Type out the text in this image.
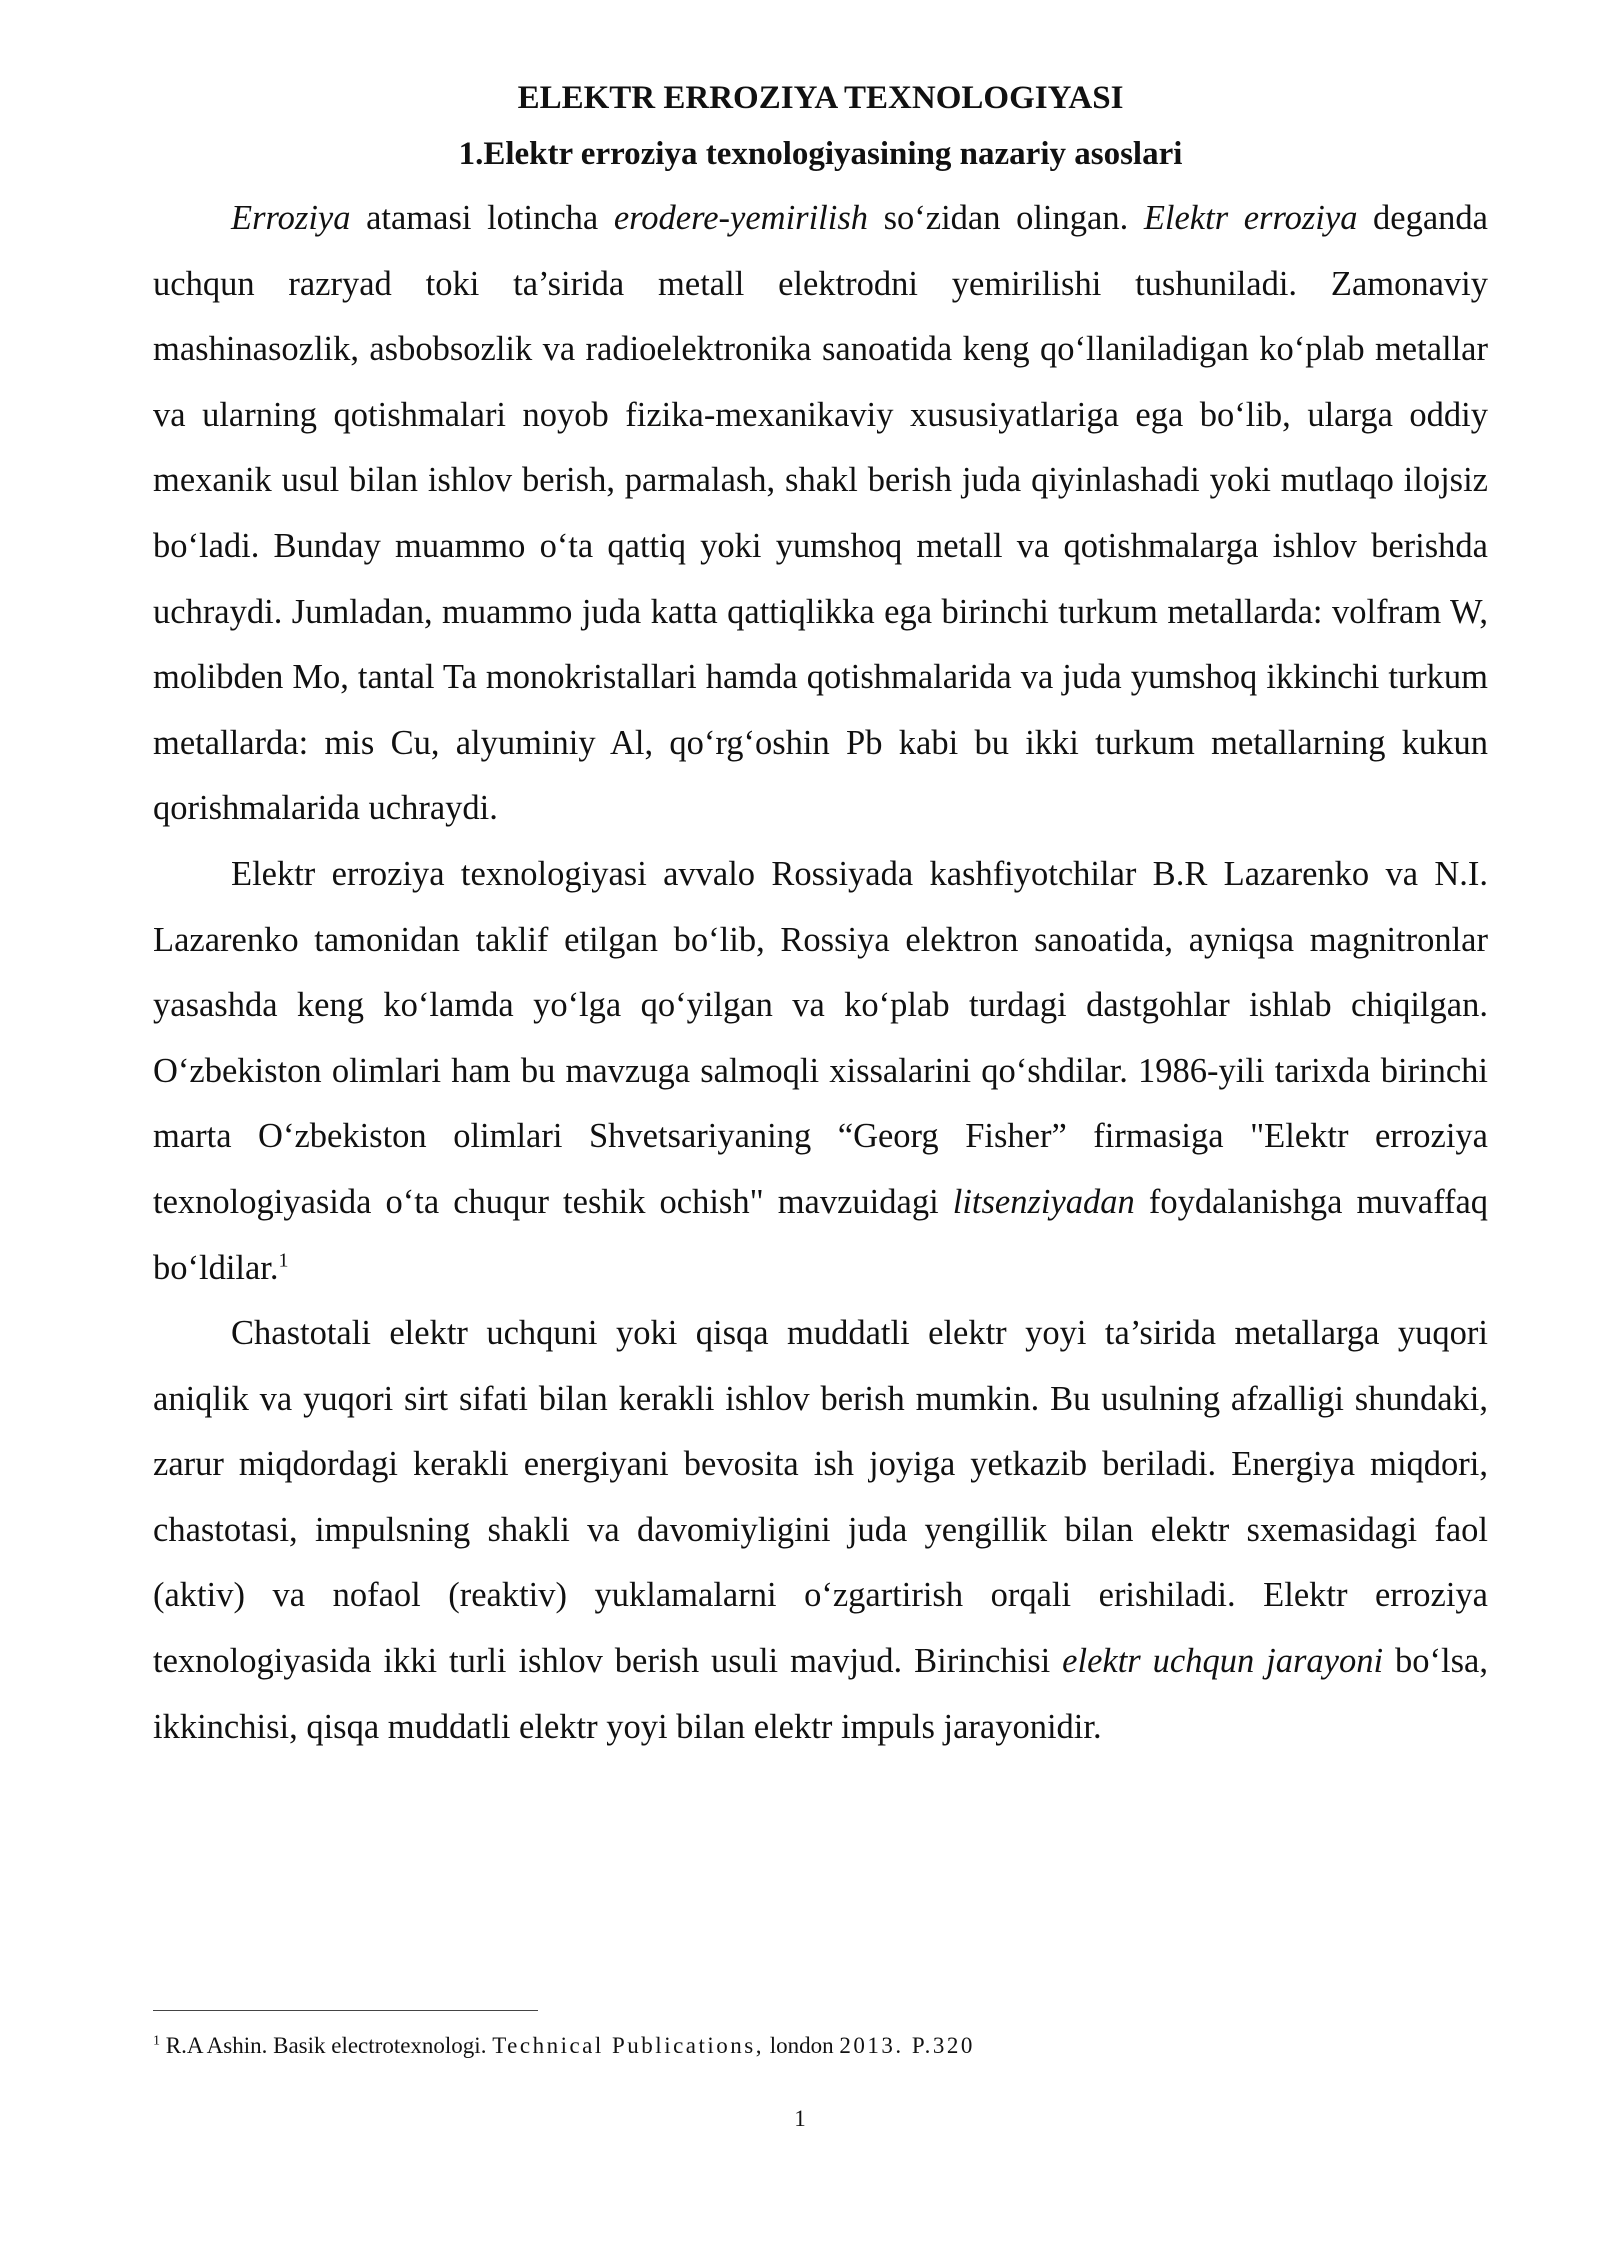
ELEKTR ERROZIYA TEXNOLOGIYASI
1.Elektr erroziya texnologiyasining nazariy asoslari

Erroziya atamasi lotincha erodere-yemirilish so‘zidan olingan. Elektr erroziya deganda uchqun razryad toki ta’sirida metall elektrodni yemirilishi tushuniladi. Zamonaviy mashinasozlik, asbobsozlik va radioelektronika sanoatida keng qo‘llaniladigan ko‘plab metallar va ularning qotishmalari noyob fizika-mexanikaviy xususiyatlariga ega bo‘lib, ularga oddiy mexanik usul bilan ishlov berish, parmalash, shakl berish juda qiyinlashadi yoki mutlaqo ilojsiz bo‘ladi. Bunday muammo o‘ta qattiq yoki yumshoq metall va qotishmalarga ishlov berishda uchraydi. Jumladan, muammo juda katta qattiqlikka ega birinchi turkum metallarda: volfram W, molibden Mo, tantal Ta monokristallari hamda qotishmalarida va juda yumshoq ikkinchi turkum metallarda: mis Cu, alyuminiy Al, qo‘rg‘oshin Pb kabi bu ikki turkum metallarning kukun qorishmalarida uchraydi.

Elektr erroziya texnologiyasi avvalo Rossiyada kashfiyotchilar B.R Lazarenko va N.I. Lazarenko tamonidan taklif etilgan bo‘lib, Rossiya elektron sanoatida, ayniqsa magnitronlar yasashda keng ko‘lamda yo‘lga qo‘yilgan va ko‘plab turdagi dastgohlar ishlab chiqilgan. O‘zbekiston olimlari ham bu mavzuga salmoqli xissalarini qo‘shdilar. 1986-yili tarixda birinchi marta O‘zbekiston olimlari Shvetsariyaning “Georg Fisher” firmasiga "Elektr erroziya texnologiyasida o‘ta chuqur teshik ochish" mavzuidagi litsenziyadan foydalanishga muvaffaq bo‘ldilar.$^1$

Chastotali elektr uchquni yoki qisqa muddatli elektr yoyi ta’sirida metallarga yuqori aniqlik va yuqori sirt sifati bilan kerakli ishlov berish mumkin. Bu usulning afzalligi shundaki, zarur miqdordagi kerakli energiyani bevosita ish joyiga yetkazib beriladi. Energiya miqdori, chastotasi, impulsning shakli va davomiyligini juda yengillik bilan elektr sxemasidagi faol (aktiv) va nofaol (reaktiv) yuklamalarni o‘zgartirish orqali erishiladi. Elektr erroziya texnologiyasida ikki turli ishlov berish usuli mavjud. Birinchisi elektr uchqun jarayoni bo‘lsa, ikkinchisi, qisqa muddatli elektr yoyi bilan elektr impuls jarayonidir.

$^1$ R.A Ashin. Basik electrotexnologi. Technical Publications, london 2013. P.320
1
